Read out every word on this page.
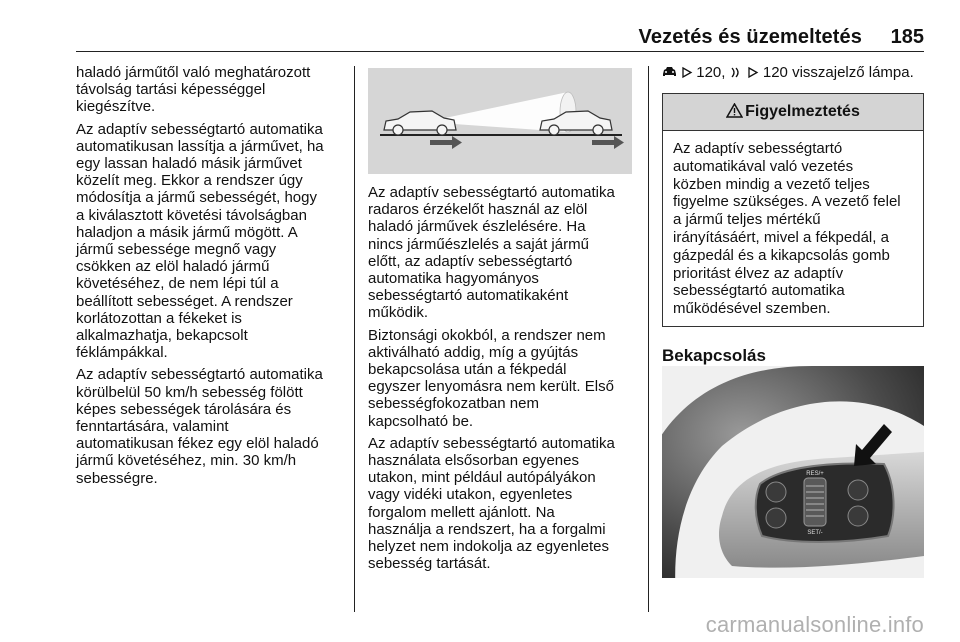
Vezetés és üzemeltetés 185

haladó járműtől való meghatározott
távolság tartási képességgel
kiegészítve.

Az adaptív sebességtartó automatika
automatikusan lassítja a járművet, ha
egy lassan haladó másik járművet
közelít meg. Ekkor a rendszer úgy
módosítja a jármű sebességét, hogy
a kiválasztott követési távolságban
haladjon a másik jármű mögött. A
jármű sebessége megnő vagy
csökken az elöl haladó jármű
követéséhez, de nem lépi túl a
beállított sebességet. A rendszer
korlátozottan a fékeket is
alkalmazhatja, bekapcsolt
féklámpákkal.

Az adaptív sebességtartó automatika
körülbelül 50 km/h sebesség fölött
képes sebességek tárolására és
fenntartására, valamint
automatikusan fékez egy elöl haladó
jármű követéséhez, min. 30 km/h
sebességre.

Az adaptív sebességtartó automatika
radaros érzékelőt használ az elöl
haladó járművek észlelésére. Ha
nincs járműészlelés a saját jármű
előtt, az adaptív sebességtartó
automatika hagyományos
sebességtartó automatikaként
működik.

Biztonsági okokból, a rendszer nem
aktiválható addig, míg a gyújtás
bekapcsolása után a fékpedál
egyszer lenyomásra nem került. Első
sebességfokozatban nem
kapcsolható be.

Az adaptív sebességtartó automatika
használata elsősorban egyenes
utakon, mint például autópályákon
vagy vidéki utakon, egyenletes
forgalom mellett ajánlott. Na
használja a rendszert, ha a forgalmi
helyzet nem indokolja az egyenletes
sebesség tartását.

120,   120 visszajelző lámpa.
Figyelmeztetés
Az adaptív sebességtartó
automatikával való vezetés
közben mindig a vezető teljes
figyelme szükséges. A vezető felel
a jármű teljes mértékű
irányításáért, mivel a fékpedál, a
gázpedál és a kikapcsolás gomb
prioritást élvez az adaptív
sebességtartó automatika
működésével szemben.
Bekapcsolás
RES/+
SET/-
carmanualsonline.info
